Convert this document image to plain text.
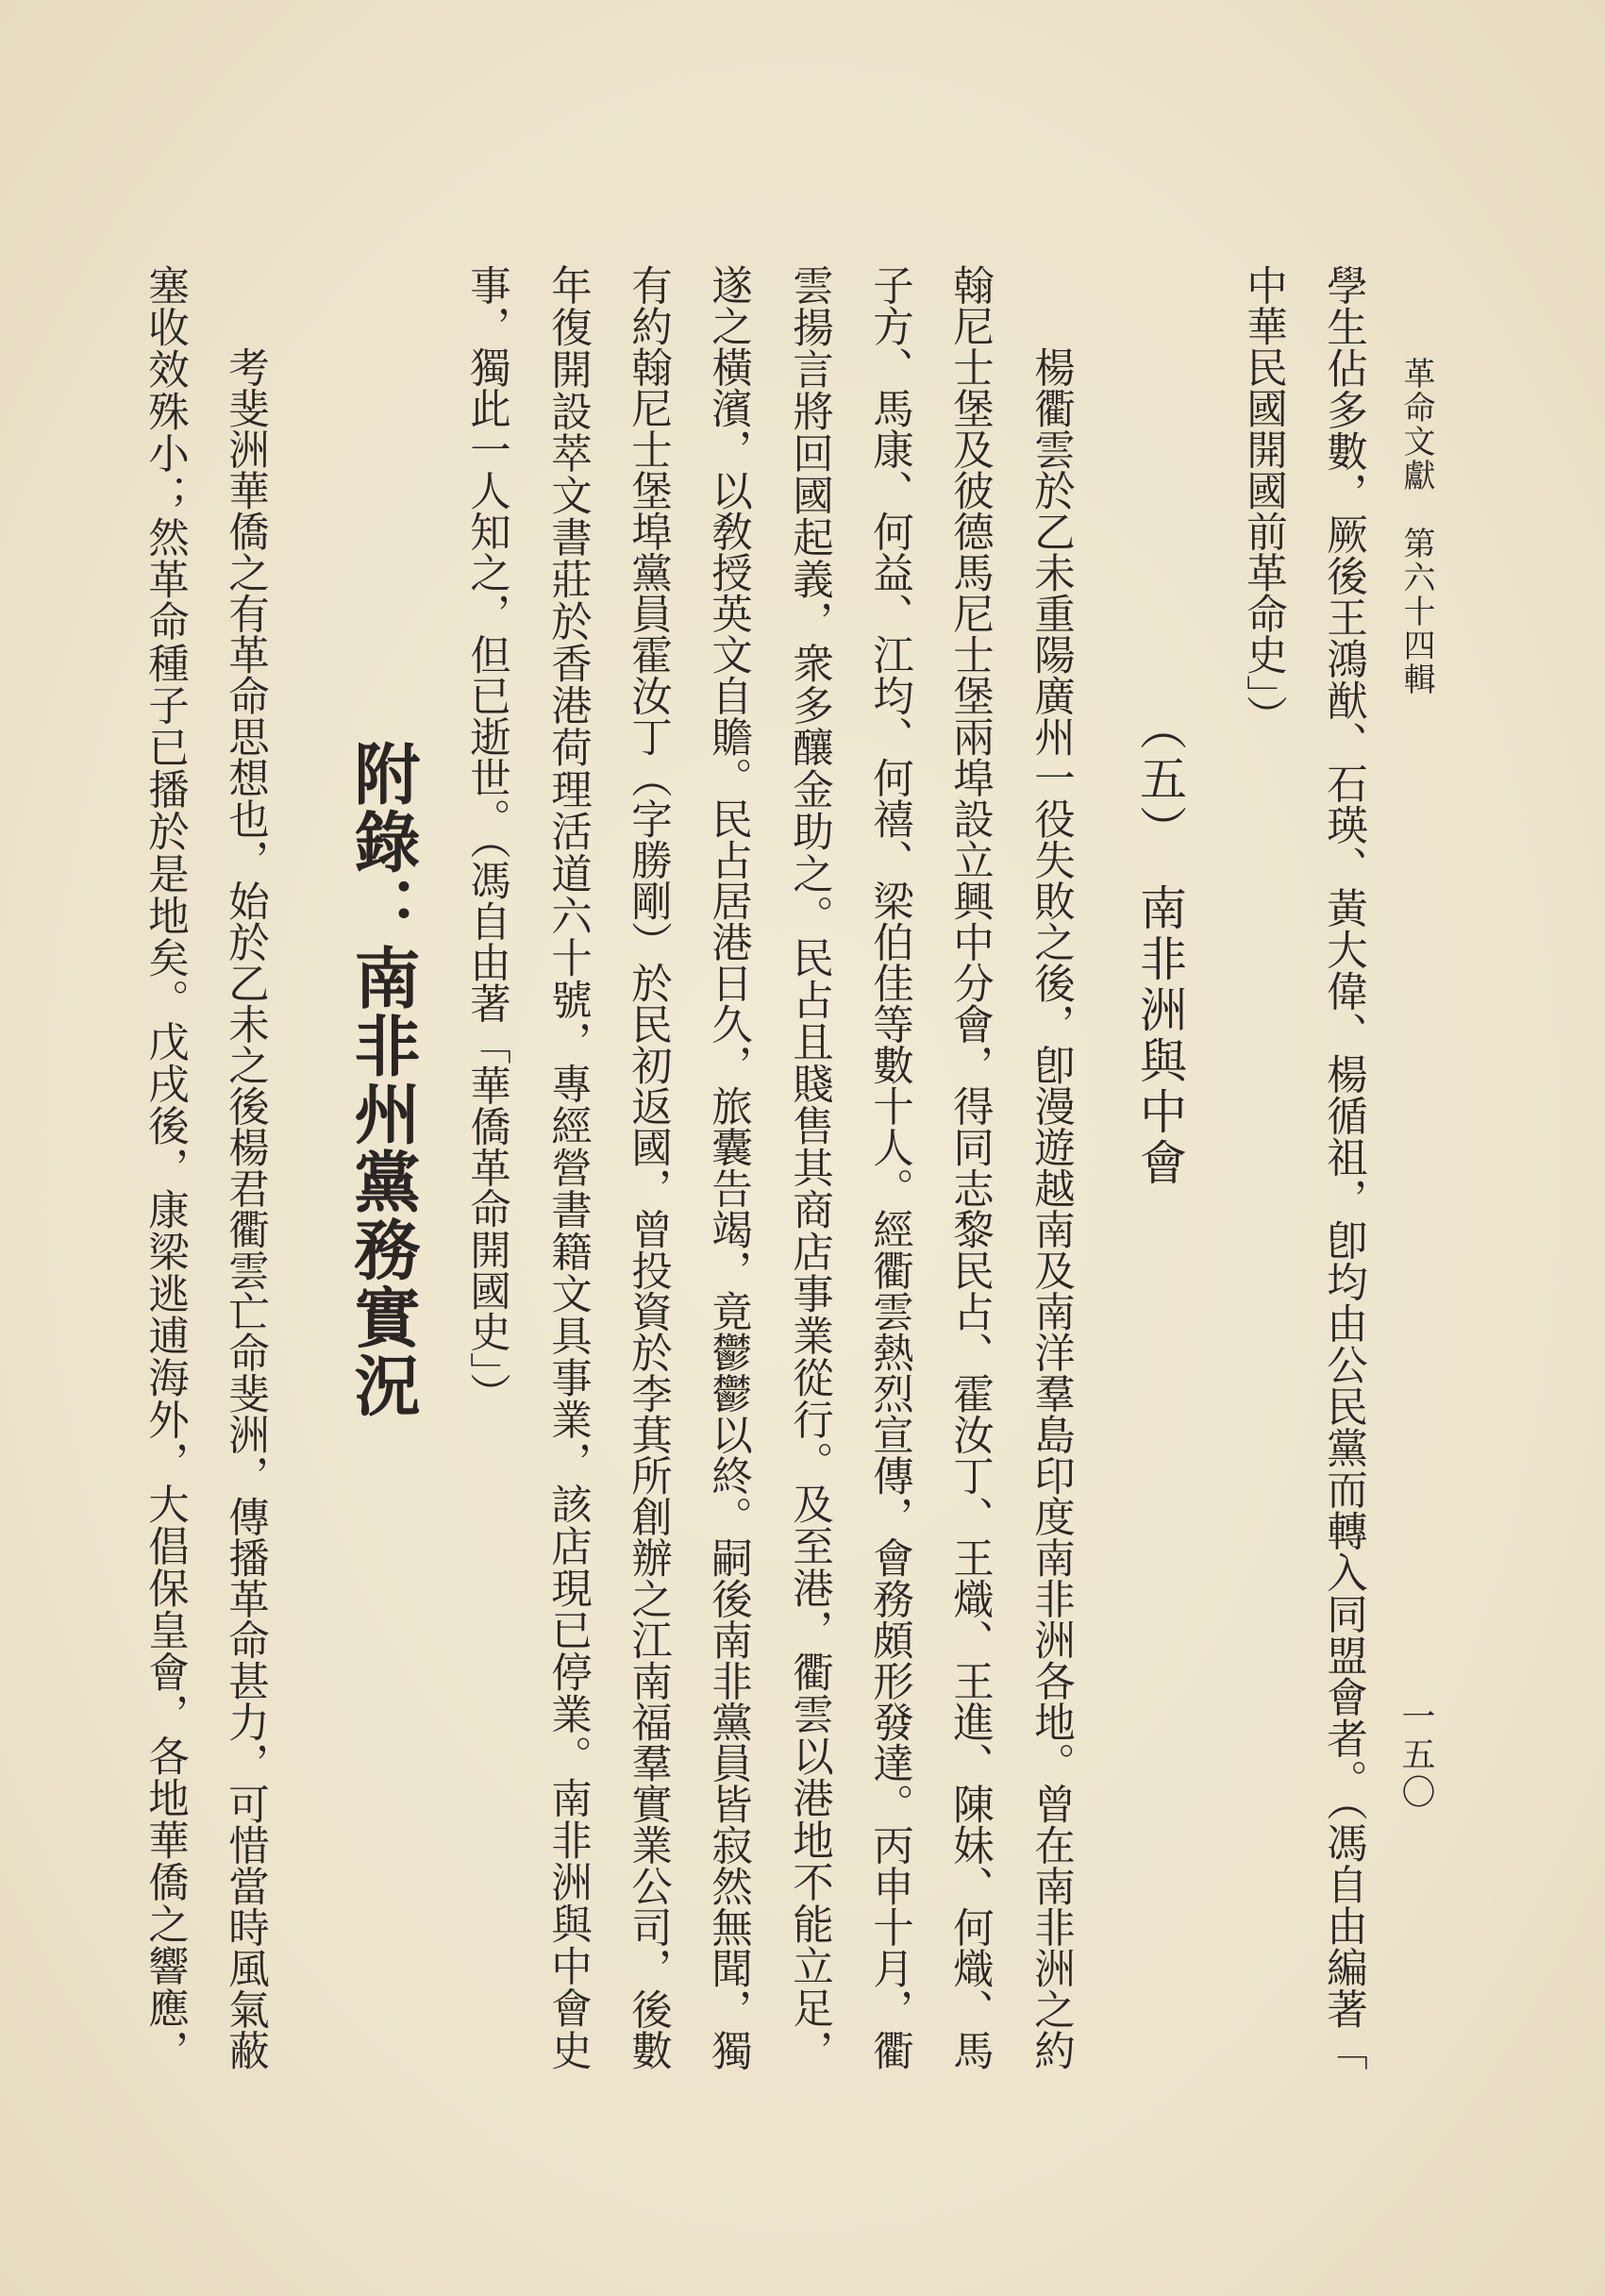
革命文獻　第六十四輯
一五〇
學生佔多數，厥後王鴻猷、石瑛、黃大偉、楊循祖，卽均由公民黨而轉入同盟會者。（馮自由編著「
中華民國開國前革命史」）
（五）　南非洲與中會
楊衢雲於乙未重陽廣州一役失敗之後，卽漫遊越南及南洋羣島印度南非洲各地。曾在南非洲之約
翰尼士堡及彼德馬尼士堡兩埠設立興中分會，得同志黎民占、霍汝丁、王熾、王進、陳妹、何熾、馬
子方、馬康、何益、江均、何禧、梁伯佳等數十人。經衢雲熱烈宣傳，會務頗形發達。丙申十月，衢
雲揚言將回國起義，衆多釀金助之。民占且賤售其商店事業從行。及至港，衢雲以港地不能立足，
遂之橫濱，以敎授英文自贍。民占居港日久，旅囊告竭，竟鬱鬱以終。嗣後南非黨員皆寂然無聞，獨
有約翰尼士堡埠黨員霍汝丁（字勝剛）於民初返國，曾投資於李萁所創辦之江南福羣實業公司，後數
年復開設萃文書莊於香港荷理活道六十號，專經營書籍文具事業，該店現已停業。南非洲與中會史
事，獨此一人知之，但已逝世。（馮自由著「華僑革命開國史」）
附錄：南非州黨務實況
考斐洲華僑之有革命思想也，始於乙未之後楊君衢雲亡命斐洲，傳播革命甚力，可惜當時風氣蔽
塞收效殊小；然革命種子已播於是地矣。戊戌後，康梁逃逋海外，大倡保皇會，各地華僑之響應，
